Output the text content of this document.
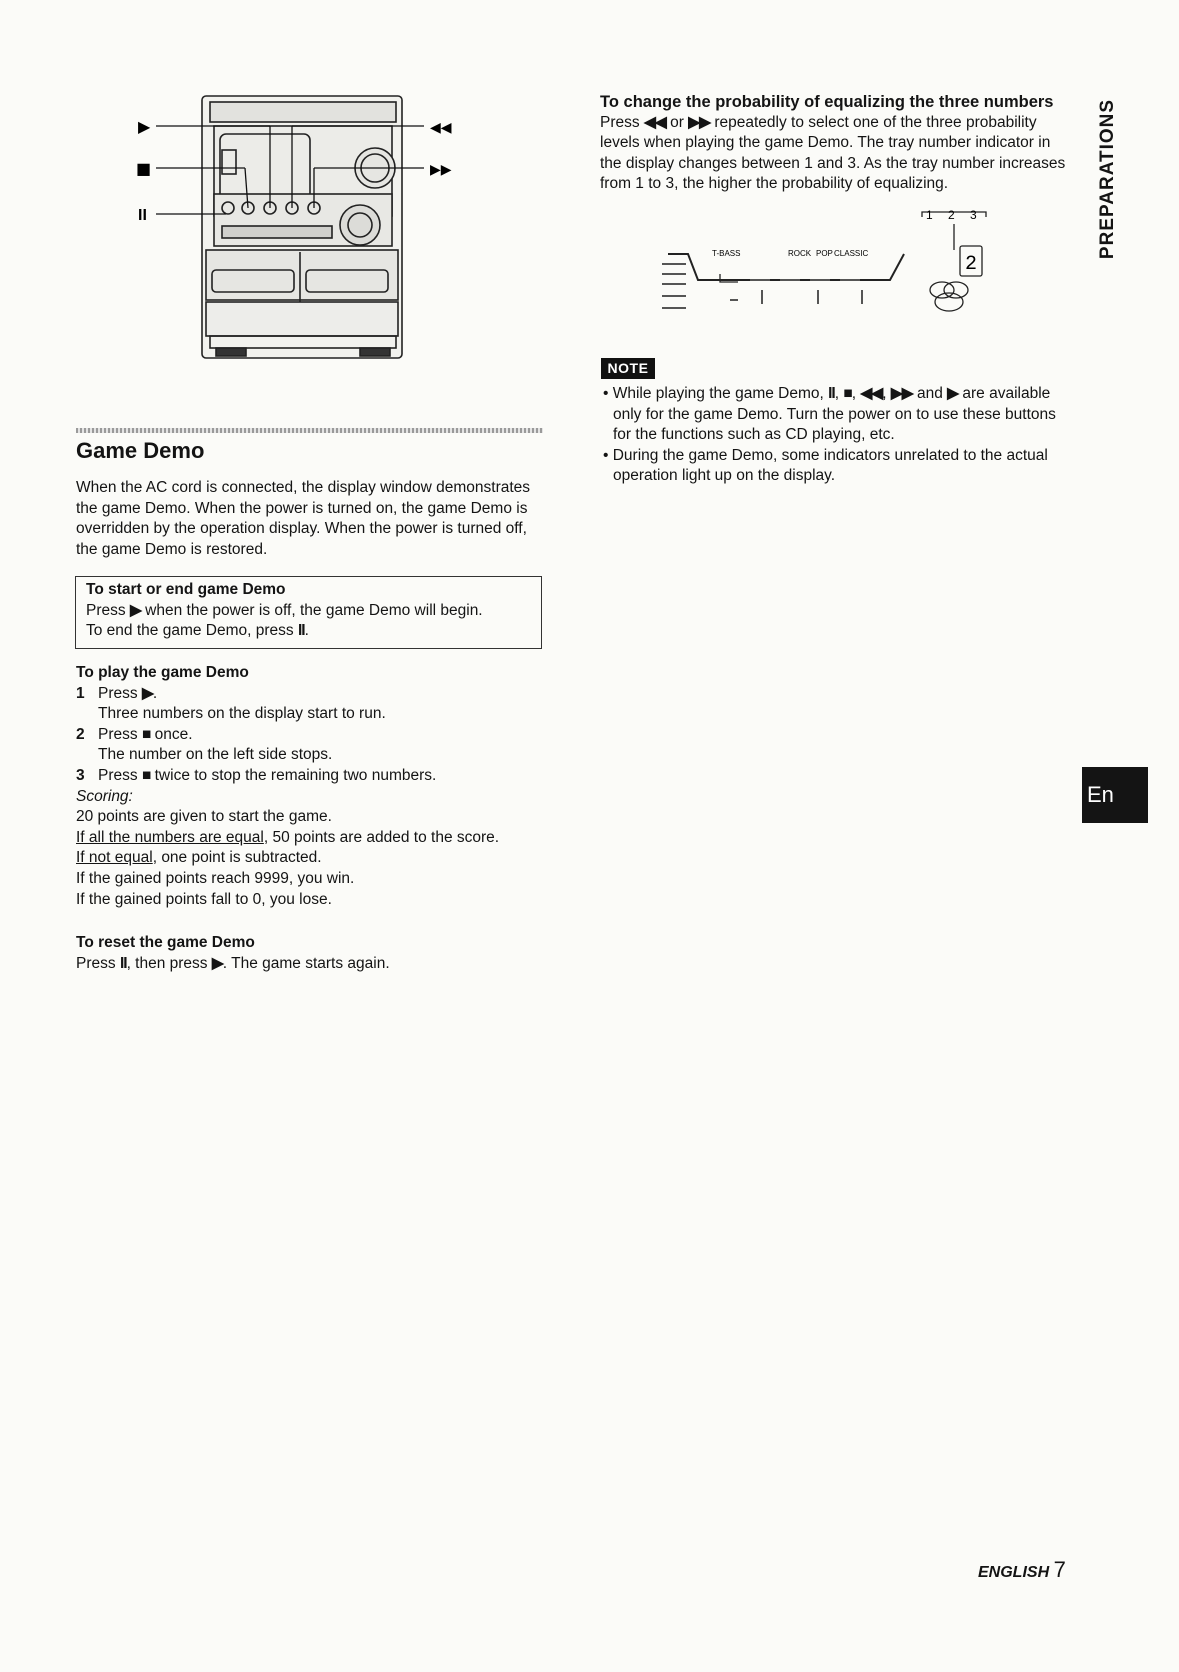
▶
■
II
◀◀
▶▶
Game Demo
When the AC cord is connected, the display window demonstrates the game Demo. When the power is turned on, the game Demo is overridden by the operation display. When the power is turned off, the game Demo is restored.
To start or end game Demo
Press ▶ when the power is off, the game Demo will begin.
To end the game Demo, press II.
To play the game Demo
1 Press ▶.
Three numbers on the display start to run.
2 Press ■ once.
The number on the left side stops.
3 Press ■ twice to stop the remaining two numbers.
Scoring:
20 points are given to start the game.
If all the numbers are equal, 50 points are added to the score.
If not equal, one point is subtracted.
If the gained points reach 9999, you win.
If the gained points fall to 0, you lose.
To reset the game Demo
Press II, then press ▶. The game starts again.
To change the probability of equalizing the three numbers
Press ◀◀ or ▶▶ repeatedly to select one of the three probability levels when playing the game Demo. The tray number indicator in the display changes between 1 and 3. As the tray number increases from 1 to 3, the higher the probability of equalizing.
1 2 3
T-BASS	ROCK POP CLASSIC	2
NOTE
• While playing the game Demo, II, ■, ◀◀, ▶▶ and ▶ are available only for the game Demo. Turn the power on to use these buttons for the functions such as CD playing, etc.
• During the game Demo, some indicators unrelated to the actual operation light up on the display.
PREPARATIONS
En
ENGLISH 7
